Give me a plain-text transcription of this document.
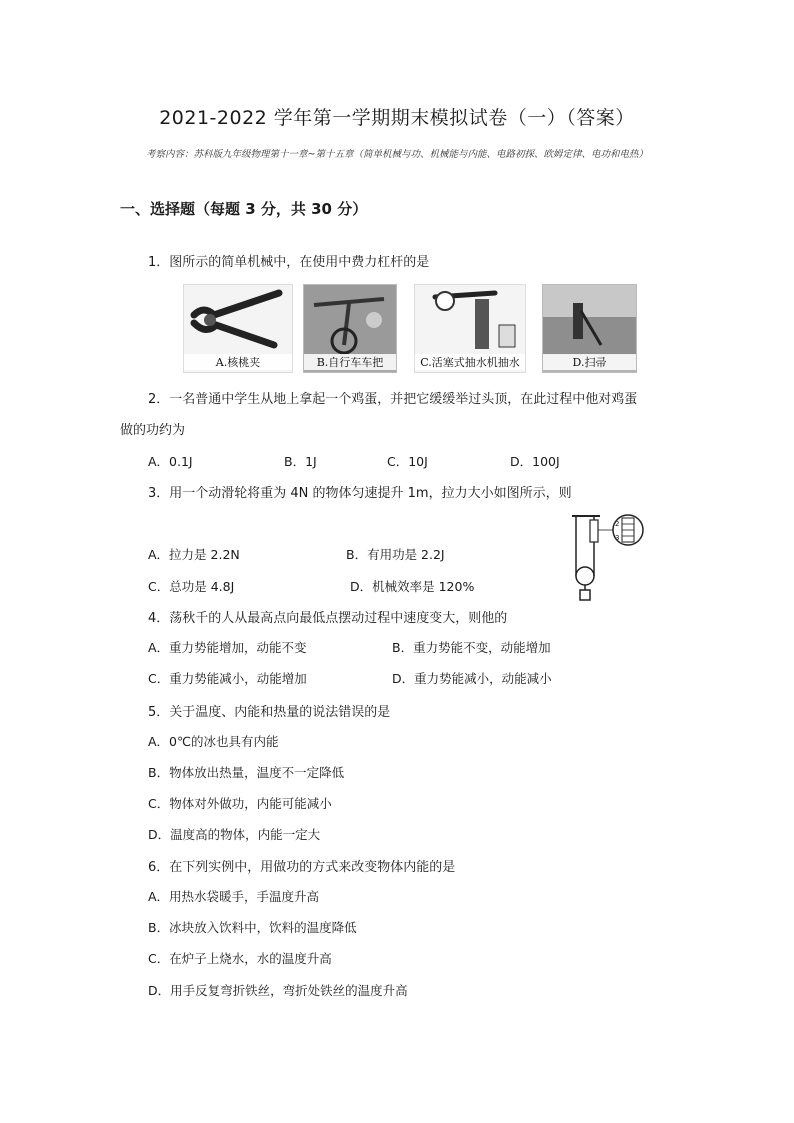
2021-2022 学年第一学期期末模拟试卷（一）（答案）
考察内容：苏科版九年级物理第十一章~第十五章（简单机械与功、机械能与内能、电路初探、欧姆定律、电功和电热）
一、选择题（每题 3 分，共 30 分）
1．图所示的简单机械中，在使用中费力杠杆的是
A.核桃夹	B.自行车车把	C.活塞式抽水机抽水	D.扫帚
2．一名普通中学生从地上拿起一个鸡蛋，并把它缓缓举过头顶，在此过程中他对鸡蛋
做的功约为
A．0.1J	B．1J	C．10J	D．100J
3．用一个动滑轮将重为 4N 的物体匀速提升 1m，拉力大小如图所示，则
A．拉力是 2.2N	B．有用功是 2.2J
C．总功是 4.8J	D．机械效率是 120%
2
3
4．荡秋千的人从最高点向最低点摆动过程中速度变大，则他的
A．重力势能增加，动能不变	B．重力势能不变，动能增加
C．重力势能减小，动能增加	D．重力势能减小，动能减小
5．关于温度、内能和热量的说法错误的是
A．0℃的冰也具有内能
B．物体放出热量，温度不一定降低
C．物体对外做功，内能可能减小
D．温度高的物体，内能一定大
6．在下列实例中，用做功的方式来改变物体内能的是
A．用热水袋暖手，手温度升高
B．冰块放入饮料中，饮料的温度降低
C．在炉子上烧水，水的温度升高
D．用手反复弯折铁丝，弯折处铁丝的温度升高
